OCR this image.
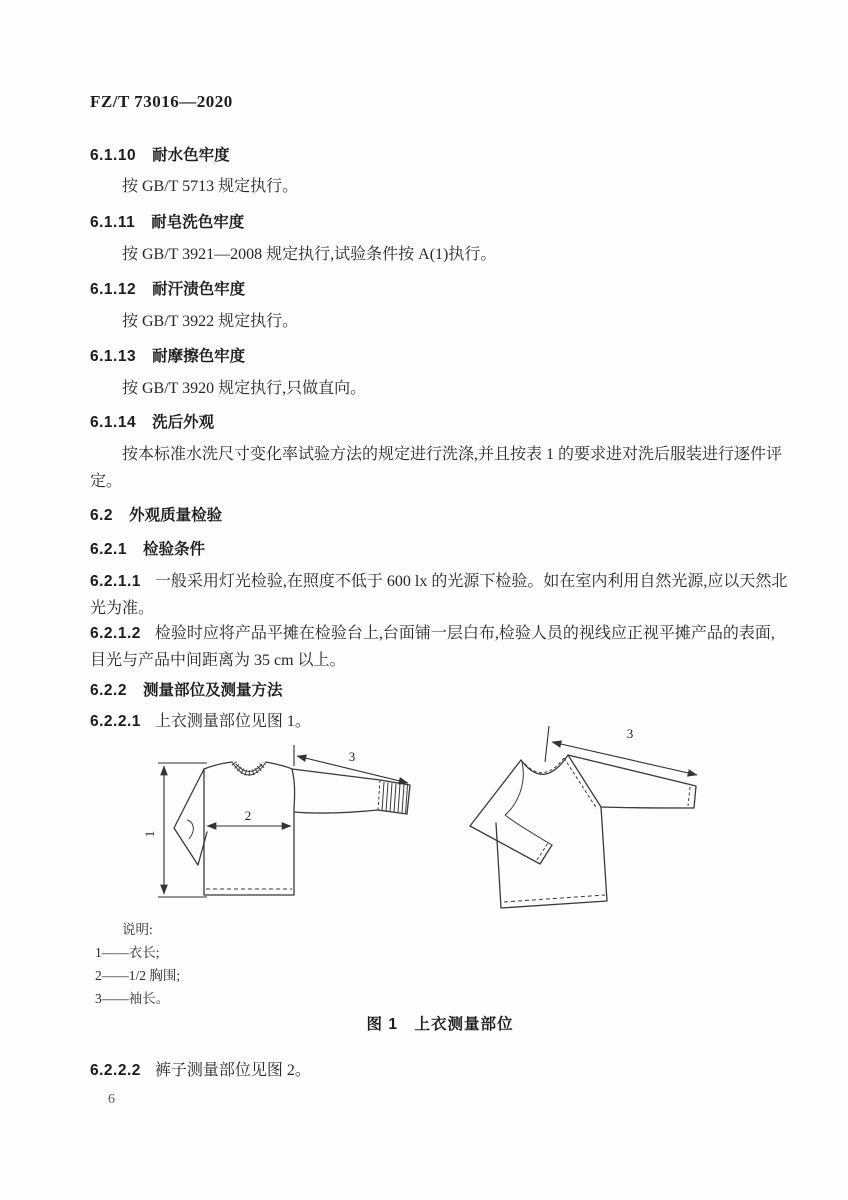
FZ/T 73016—2020
6.1.10 耐水色牢度

按 GB/T 5713 规定执行。

6.1.11 耐皂洗色牢度

按 GB/T 3921—2008 规定执行,试验条件按 A(1)执行。

6.1.12 耐汗渍色牢度

按 GB/T 3922 规定执行。

6.1.13 耐摩擦色牢度

按 GB/T 3920 规定执行,只做直向。

6.1.14 洗后外观

按本标准水洗尺寸变化率试验方法的规定进行洗涤,并且按表 1 的要求进对洗后服装进行逐件评定。

6.2 外观质量检验
6.2.1 检验条件

6.2.1.1 一般采用灯光检验,在照度不低于 600 lx 的光源下检验。如在室内利用自然光源,应以天然北光为准。

6.2.1.2 检验时应将产品平摊在检验台上,台面铺一层白布,检验人员的视线应正视平摊产品的表面,目光与产品中间距离为 35 cm 以上。

6.2.2 测量部位及测量方法

6.2.2.1 上衣测量部位见图 1。

1
2
3
3
说明:
1——衣长;
2——1/2 胸围;
3——袖长。
图 1　上衣测量部位

6.2.2.2 裤子测量部位见图 2。

6
